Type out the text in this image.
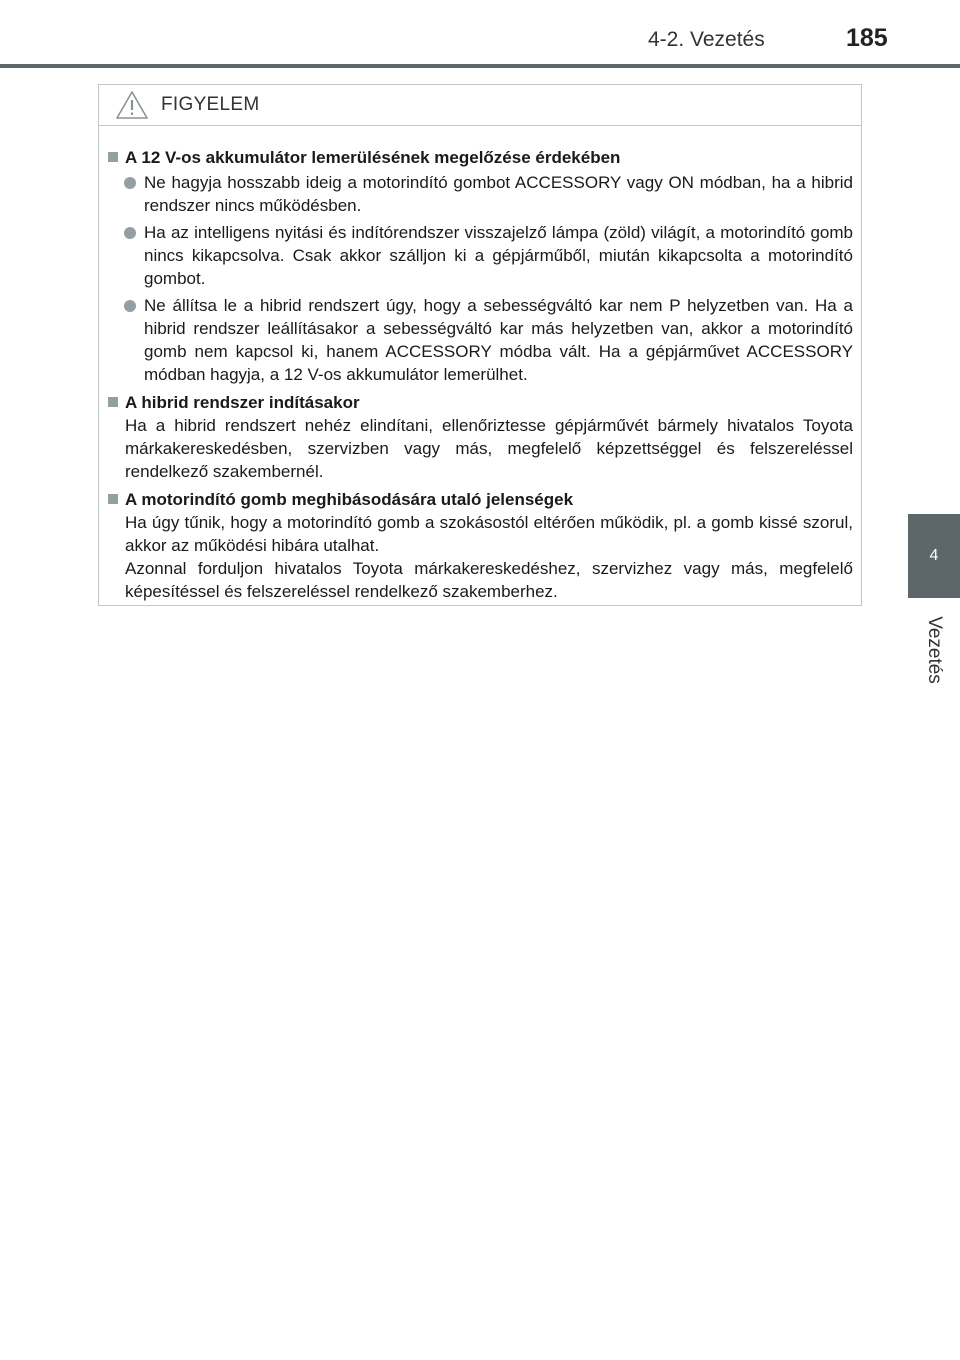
4-2. Vezetés	185
4
Vezetés
FIGYELEM
A 12 V-os akkumulátor lemerülésének megelőzése érdekében
Ne hagyja hosszabb ideig a motorindító gombot ACCESSORY vagy ON módban, ha a hibrid rendszer nincs működésben.
Ha az intelligens nyitási és indítórendszer visszajelző lámpa (zöld) világít, a motorindító gomb nincs kikapcsolva. Csak akkor szálljon ki a gépjárműből, miután kikapcsolta a motorindító gombot.
Ne állítsa le a hibrid rendszert úgy, hogy a sebességváltó kar nem P helyzetben van. Ha a hibrid rendszer leállításakor a sebességváltó kar más helyzetben van, akkor a motorindító gomb nem kapcsol ki, hanem ACCESSORY módba vált. Ha a gépjárművet ACCESSORY módban hagyja, a 12 V-os akkumulátor lemerülhet.
A hibrid rendszer indításakor
Ha a hibrid rendszert nehéz elindítani, ellenőriztesse gépjárművét bármely hivatalos Toyota márkakereskedésben, szervizben vagy más, megfelelő képzettséggel és felszereléssel rendelkező szakembernél.
A motorindító gomb meghibásodására utaló jelenségek
Ha úgy tűnik, hogy a motorindító gomb a szokásostól eltérően működik, pl. a gomb kissé szorul, akkor az működési hibára utalhat.
Azonnal forduljon hivatalos Toyota márkakereskedéshez, szervizhez vagy más, megfelelő képesítéssel és felszereléssel rendelkező szakemberhez.
